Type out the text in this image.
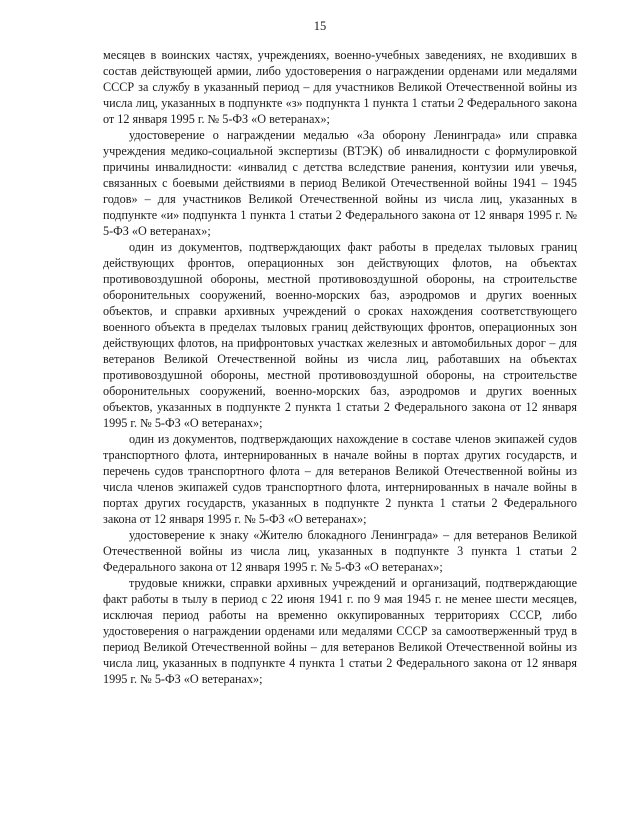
15

месяцев в воинских частях, учреждениях, военно-учебных заведениях, не входивших в состав действующей армии, либо удостоверения о награждении орденами или медалями СССР за службу в указанный период – для участников Великой Отечественной войны из числа лиц, указанных в подпункте «з» подпункта 1 пункта 1 статьи 2 Федерального закона от 12 января 1995 г. № 5-ФЗ «О ветеранах»;

удостоверение о награждении медалью «За оборону Ленинграда» или справка учреждения медико-социальной экспертизы (ВТЭК) об инвалидности с формулировкой причины инвалидности: «инвалид с детства вследствие ранения, контузии или увечья, связанных с боевыми действиями в период Великой Отечественной войны 1941 – 1945 годов» – для участников Великой Отечественной войны из числа лиц, указанных в подпункте «и» подпункта 1 пункта 1 статьи 2 Федерального закона от 12 января 1995 г. № 5-ФЗ «О ветеранах»;

один из документов, подтверждающих факт работы в пределах тыловых границ действующих фронтов, операционных зон действующих флотов, на объектах противовоздушной обороны, местной противовоздушной обороны, на строительстве оборонительных сооружений, военно-морских баз, аэродромов и других военных объектов, и справки архивных учреждений о сроках нахождения соответствующего военного объекта в пределах тыловых границ действующих фронтов, операционных зон действующих флотов, на прифронтовых участках железных и автомобильных дорог – для ветеранов Великой Отечественной войны из числа лиц, работавших на объектах противовоздушной обороны, местной противовоздушной обороны, на строительстве оборонительных сооружений, военно-морских баз, аэродромов и других военных объектов, указанных в подпункте 2 пункта 1 статьи 2 Федерального закона от 12 января 1995 г. № 5-ФЗ «О ветеранах»;

один из документов, подтверждающих нахождение в составе членов экипажей судов транспортного флота, интернированных в начале войны в портах других государств, и перечень судов транспортного флота – для ветеранов Великой Отечественной войны из числа членов экипажей судов транспортного флота, интернированных в начале войны в портах других государств, указанных в подпункте 2 пункта 1 статьи 2 Федерального закона от 12 января 1995 г. № 5-ФЗ «О ветеранах»;

удостоверение к знаку «Жителю блокадного Ленинграда» – для ветеранов Великой Отечественной войны из числа лиц, указанных в подпункте 3 пункта 1 статьи 2 Федерального закона от 12 января 1995 г. № 5-ФЗ «О ветеранах»;

трудовые книжки, справки архивных учреждений и организаций, подтверждающие факт работы в тылу в период с 22 июня 1941 г. по 9 мая 1945 г. не менее шести месяцев, исключая период работы на временно оккупированных территориях СССР, либо удостоверения о награждении орденами или медалями СССР за самоотверженный труд в период Великой Отечественной войны – для ветеранов Великой Отечественной войны из числа лиц, указанных в подпункте 4 пункта 1 статьи 2 Федерального закона от 12 января 1995 г. № 5-ФЗ «О ветеранах»;
